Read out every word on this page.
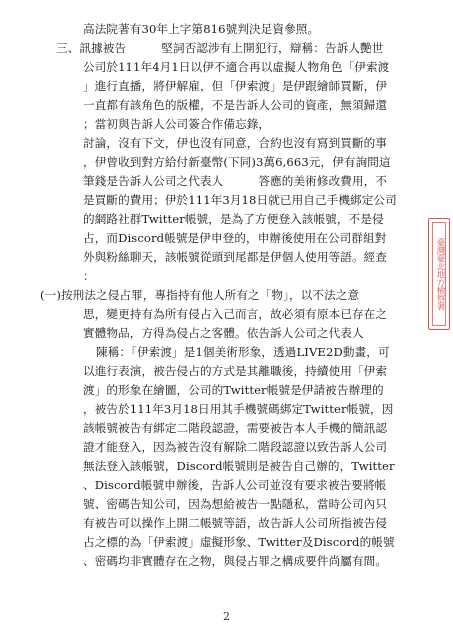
高法院著有30年上字第816號判決足資參照。
三、訊據被告　　　堅詞否認涉有上開犯行，辯稱：告訴人艷世
公司於111年4月1日以伊不適合再以虛擬人物角色「伊索渡
」進行直播，將伊解雇，但「伊索渡」是伊跟繪師買斷，伊
一直都有該角色的版權，不是告訴人公司的資產，無須歸還
；當初與告訴人公司簽合作備忘錄，
討論，沒有下文，伊也沒有同意，合約也沒有寫到買斷的事
，伊曾收到對方給付新臺幣(下同)3萬6,663元，伊有詢問這
筆錢是告訴人公司之代表人　　　答應的美術修改費用，不
是買斷的費用；伊於111年3月18日就已用自己手機綁定公司
的網路社群Twitter帳號，是為了方便登入該帳號，不是侵
占，而Discord帳號是伊申登的，申辦後使用在公司群組對
外與粉絲聊天，該帳號從頭到尾都是伊個人使用等語。經查
：
(一)按刑法之侵占罪，專指持有他人所有之「物」，以不法之意
思，變更持有為所有侵占入己而言，故必須有原本已存在之
實體物品，方得為侵占之客體。依告訴人公司之代表人
陳稱：「伊索渡」是1個美術形象，透過LIVE2D動畫，可
以進行表演，被告侵占的方式是其離職後，持續使用「伊索
渡」的形象在繪圖，公司的Twitter帳號是伊請被告辦理的
，被告於111年3月18日用其手機號碼綁定Twitter帳號，因
該帳號被告有綁定二階段認證，需要被告本人手機的簡訊認
證才能登入，因為被告沒有解除二階段認證以致告訴人公司
無法登入該帳號，Discord帳號則是被告自己辦的，Twitter
、Discord帳號申辦後，告訴人公司並沒有要求被告要將帳
號、密碼告知公司，因為想給被告一點隱私，當時公司內只
有被告可以操作上開二帳號等語，故告訴人公司所指被告侵
占之標的為「伊索渡」虛擬形象、Twitter及Discord的帳號
、密碼均非實體存在之物，與侵占罪之構成要件尚屬有間。
臺灣臺北地方檢察署
2
